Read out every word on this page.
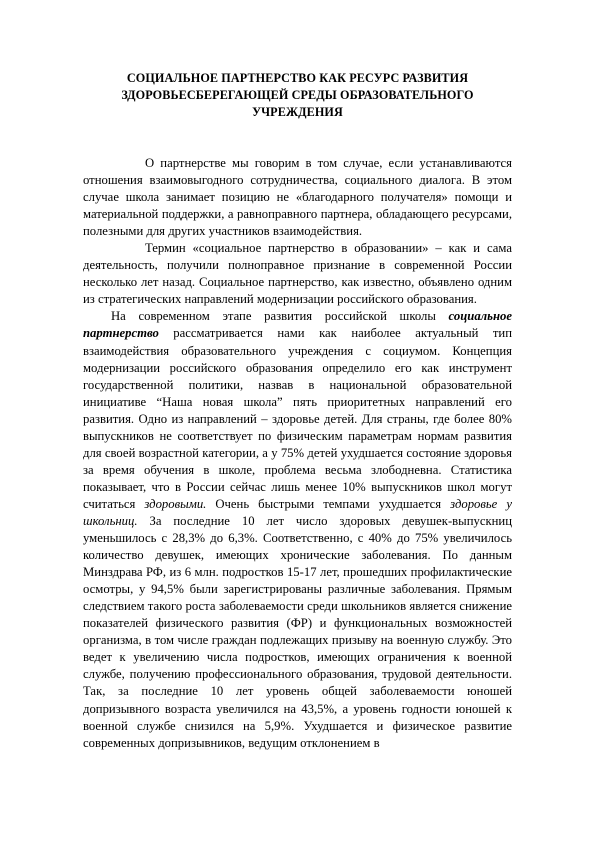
СОЦИАЛЬНОЕ ПАРТНЕРСТВО КАК РЕСУРС РАЗВИТИЯ
ЗДОРОВЬЕСБЕРЕГАЮЩЕЙ СРЕДЫ ОБРАЗОВАТЕЛЬНОГО
УЧРЕЖДЕНИЯ

О партнерстве мы говорим в том случае, если устанавливаются отношения взаимовыгодного сотрудничества, социального диалога. В этом случае школа занимает позицию не «благодарного получателя» помощи и материальной поддержки, а равноправного партнера, обладающего ресурсами, полезными для других участников взаимодействия.

Термин «социальное партнерство в образовании» – как и сама деятельность, получили полноправное признание в современной России несколько лет назад. Социальное партнерство, как известно, объявлено одним из стратегических направлений модернизации российского образования.

На современном этапе развития российской школы социальное партнерство рассматривается нами как наиболее актуальный тип взаимодействия образовательного учреждения с социумом. Концепция модернизации российского образования определило его как инструмент государственной политики, назвав в национальной образовательной инициативе “Наша новая школа” пять приоритетных направлений его развития. Одно из направлений – здоровье детей. Для страны, где более 80% выпускников не соответствует по физическим параметрам нормам развития для своей возрастной категории, а у 75% детей ухудшается состояние здоровья за время обучения в школе, проблема весьма злободневна. Статистика показывает, что в России сейчас лишь менее 10% выпускников школ могут считаться здоровыми. Очень быстрыми темпами ухудшается здоровье у школьниц. За последние 10 лет число здоровых девушек-выпускниц уменьшилось с 28,3% до 6,3%. Соответственно, с 40% до 75% увеличилось количество девушек, имеющих хронические заболевания. По данным Минздрава РФ, из 6 млн. подростков 15-17 лет, прошедших профилактические осмотры, у 94,5% были зарегистрированы различные заболевания. Прямым следствием такого роста заболеваемости среди школьников является снижение показателей физического развития (ФР) и функциональных возможностей организма, в том числе граждан подлежащих призыву на военную службу. Это ведет к увеличению числа подростков, имеющих ограничения к военной службе, получению профессионального образования, трудовой деятельности. Так, за последние 10 лет уровень общей заболеваемости юношей допризывного возраста увеличился на 43,5%, а уровень годности юношей к военной службе снизился на 5,9%. Ухудшается и физическое развитие современных допризывников, ведущим отклонением в
